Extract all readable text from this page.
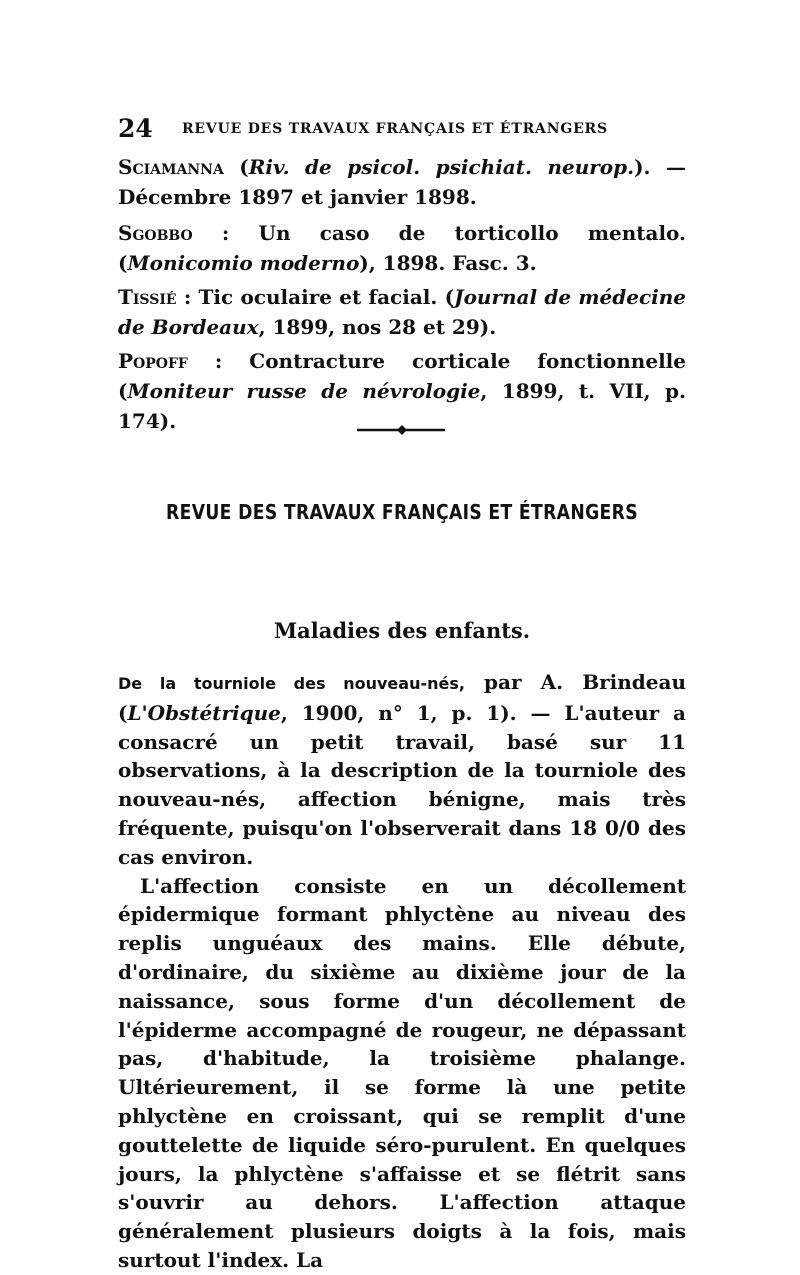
24 REVUE DES TRAVAUX FRANÇAIS ET ÉTRANGERS
Sciamanna (Riv. de psicol. psichiat. neurop.). — Décembre 1897 et janvier 1898.
Sgobbo : Un caso de torticollo mentalo. (Monicomio moderno), 1898. Fasc. 3.
Tissié : Tic oculaire et facial. (Journal de médecine de Bordeaux, 1899, nos 28 et 29).
Popoff : Contracture corticale fonctionnelle (Moniteur russe de névrologie, 1899, t. VII, p. 174).
REVUE DES TRAVAUX FRANÇAIS ET ÉTRANGERS
Maladies des enfants.

De la tourniole des nouveau-nés, par A. Brindeau (L'Obstétrique, 1900, n° 1, p. 1). — L'auteur a consacré un petit travail, basé sur 11 observations, à la description de la tourniole des nouveau-nés, affection bénigne, mais très fréquente, puisqu'on l'observerait dans 18 0/0 des cas environ.

L'affection consiste en un décollement épidermique formant phlyctène au niveau des replis unguéaux des mains. Elle débute, d'ordinaire, du sixième au dixième jour de la naissance, sous forme d'un décollement de l'épiderme accompagné de rougeur, ne dépassant pas, d'habitude, la troisième phalange. Ultérieurement, il se forme là une petite phlyctène en croissant, qui se remplit d'une gouttelette de liquide séro-purulent. En quelques jours, la phlyctène s'affaisse et se flétrit sans s'ouvrir au dehors. L'affection attaque généralement plusieurs doigts à la fois, mais surtout l'index. La
